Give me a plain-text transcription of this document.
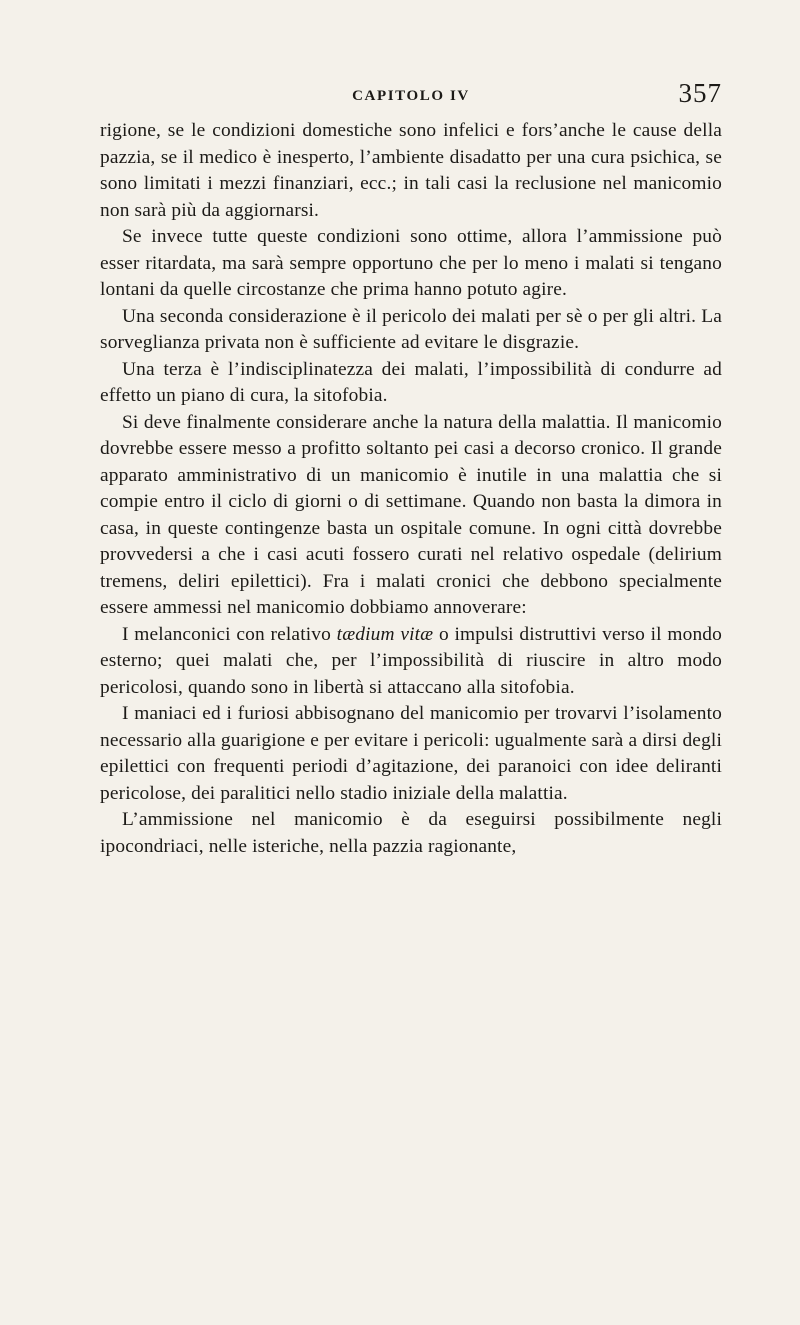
CAPITOLO IV	357

rigione, se le condizioni domestiche sono infelici e fors’anche le cause della pazzia, se il medico è inesperto, l’ambiente disadatto per una cura psichica, se sono limitati i mezzi finanziari, ecc.; in tali casi la reclusione nel manicomio non sarà più da aggiornarsi.

Se invece tutte queste condizioni sono ottime, allora l’ammissione può esser ritardata, ma sarà sempre opportuno che per lo meno i malati si tengano lontani da quelle circostanze che prima hanno potuto agire.

Una seconda considerazione è il pericolo dei malati per sè o per gli altri. La sorveglianza privata non è sufficiente ad evitare le disgrazie.

Una terza è l’indisciplinatezza dei malati, l’impossibilità di condurre ad effetto un piano di cura, la sitofobia.

Si deve finalmente considerare anche la natura della malattia. Il manicomio dovrebbe essere messo a profitto soltanto pei casi a decorso cronico. Il grande apparato amministrativo di un manicomio è inutile in una malattia che si compie entro il ciclo di giorni o di settimane. Quando non basta la dimora in casa, in queste contingenze basta un ospitale comune. In ogni città dovrebbe provvedersi a che i casi acuti fossero curati nel relativo ospedale (delirium tremens, deliri epilettici). Fra i malati cronici che debbono specialmente essere ammessi nel manicomio dobbiamo annoverare:

I melanconici con relativo tædium vitæ o impulsi distruttivi verso il mondo esterno; quei malati che, per l’impossibilità di riuscire in altro modo pericolosi, quando sono in libertà si attaccano alla sitofobia.

I maniaci ed i furiosi abbisognano del manicomio per trovarvi l’isolamento necessario alla guarigione e per evitare i pericoli: ugualmente sarà a dirsi degli epilettici con frequenti periodi d’agitazione, dei paranoici con idee deliranti pericolose, dei paralitici nello stadio iniziale della malattia.

L’ammissione nel manicomio è da eseguirsi possibilmente negli ipocondriaci, nelle isteriche, nella pazzia ragionante,
